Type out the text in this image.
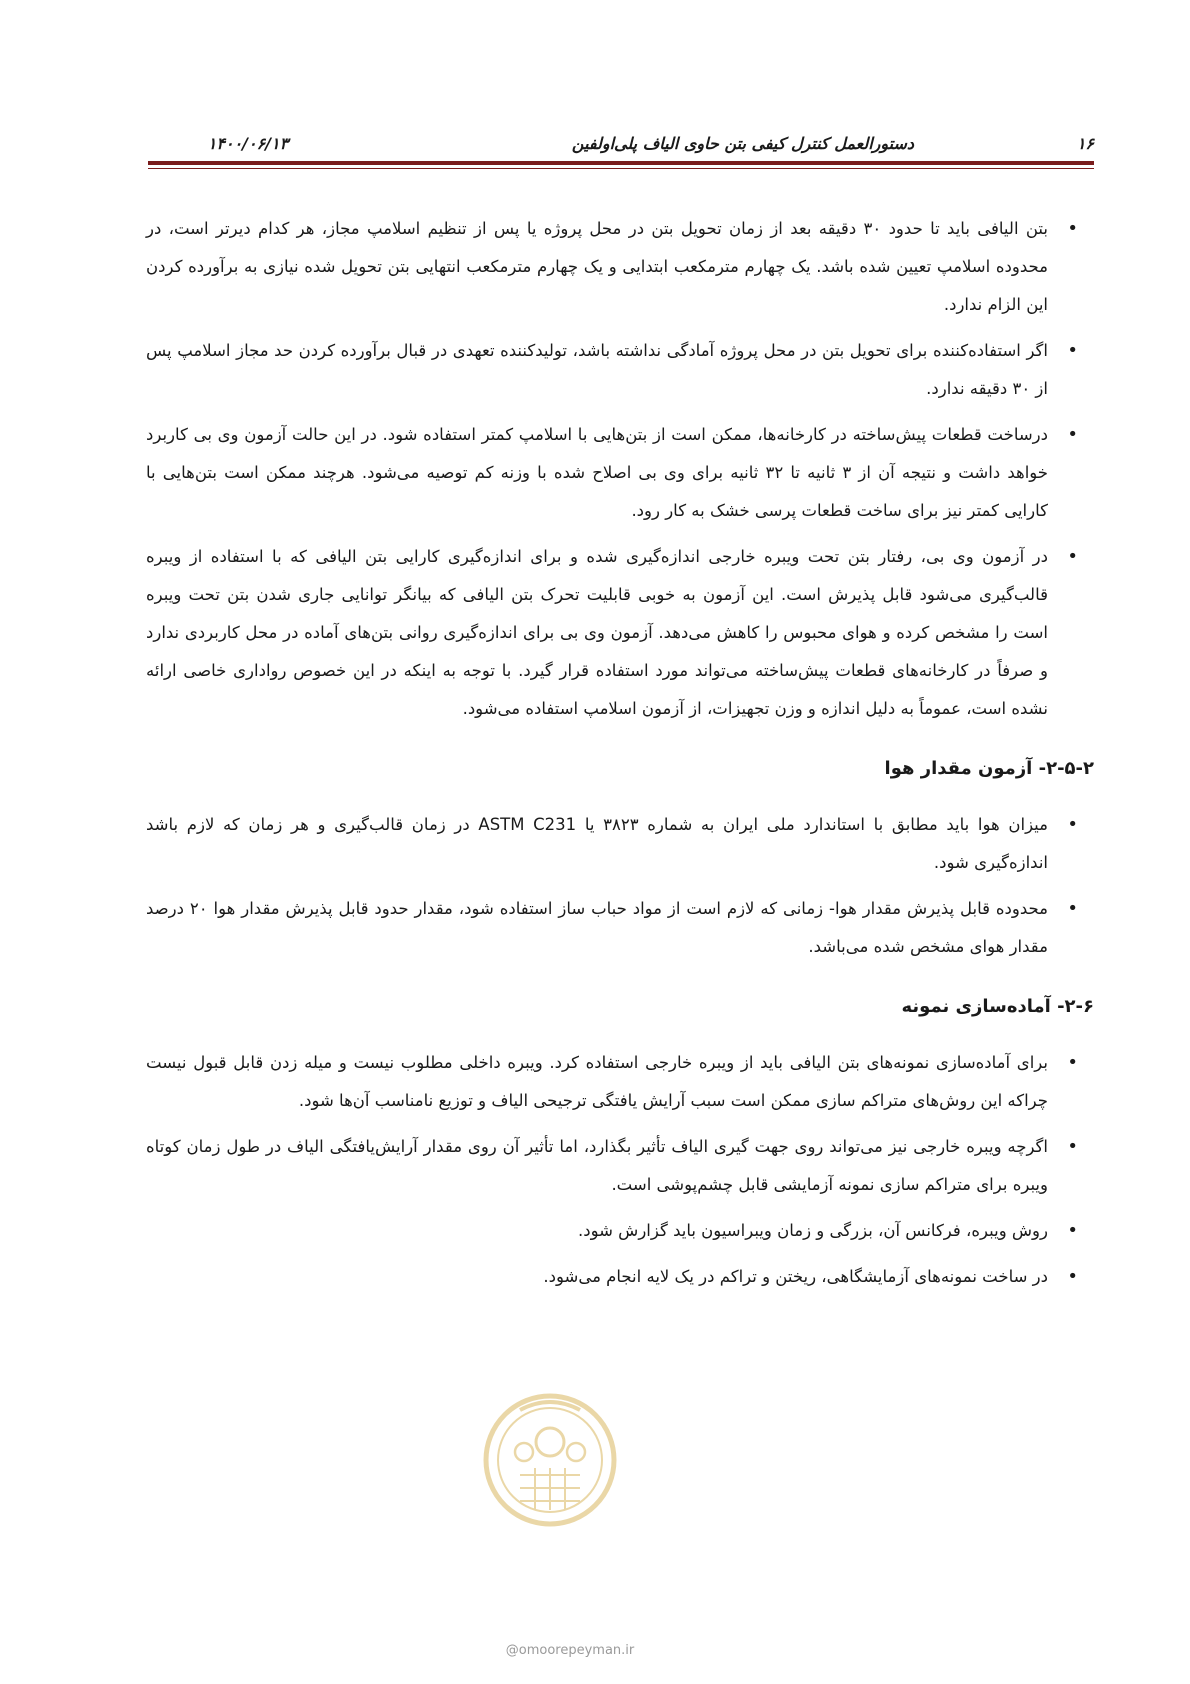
۱۶
دستورالعمل کنترل کیفی بتن حاوی الیاف پلی‌اولفین
۱۴۰۰/۰۶/۱۳
• بتن الیافی باید تا حدود ۳۰ دقیقه بعد از زمان تحویل بتن در محل پروژه یا پس از تنظیم اسلامپ مجاز، هر کدام دیرتر است، در محدوده اسلامپ تعیین شده باشد. یک چهارم مترمکعب ابتدایی و یک چهارم مترمکعب انتهایی بتن تحویل شده نیازی به برآورده کردن این الزام ندارد.
• اگر استفاده‌کننده برای تحویل بتن در محل پروژه آمادگی نداشته باشد، تولیدکننده تعهدی در قبال برآورده کردن حد مجاز اسلامپ پس از ۳۰ دقیقه ندارد.
• درساخت قطعات پیش‌ساخته در کارخانه‌ها، ممکن است از بتن‌هایی با اسلامپ کمتر استفاده شود. در این حالت آزمون وی بی کاربرد خواهد داشت و نتیجه آن از ۳ ثانیه تا ۳۲ ثانیه برای وی بی اصلاح شده با وزنه کم توصیه می‌شود. هرچند ممکن است بتن‌هایی با کارایی کمتر نیز برای ساخت قطعات پرسی خشک به کار رود.
• در آزمون وی بی، رفتار بتن تحت ویبره خارجی اندازه‌گیری شده و برای اندازه‌گیری کارایی بتن الیافی که با استفاده از ویبره قالب‌گیری می‌شود قابل پذیرش است. این آزمون به خوبی قابلیت تحرک بتن الیافی که بیانگر توانایی جاری شدن بتن تحت ویبره است را مشخص کرده و هوای محبوس را کاهش می‌دهد. آزمون وی بی برای اندازه‌گیری روانی بتن‌های آماده در محل کاربردی ندارد و صرفاً در کارخانه‌های قطعات پیش‌ساخته می‌تواند مورد استفاده قرار گیرد. با توجه به اینکه در این خصوص رواداری خاصی ارائه نشده است، عموماً به دلیل اندازه و وزن تجهیزات، از آزمون اسلامپ استفاده می‌شود.
۲-۵-۲- آزمون مقدار هوا
• میزان هوا باید مطابق با استاندارد ملی ایران به شماره ۳۸۲۳ یا ASTM C231 در زمان قالب‌گیری و هر زمان که لازم باشد اندازه‌گیری شود.
• محدوده قابل پذیرش مقدار هوا- زمانی که لازم است از مواد حباب ساز استفاده شود، مقدار حدود قابل پذیرش مقدار هوا ۲۰ درصد مقدار هوای مشخص شده می‌باشد.
۲-۶- آماده‌سازی نمونه
• برای آماده‌سازی نمونه‌های بتن الیافی باید از ویبره خارجی استفاده کرد. ویبره داخلی مطلوب نیست و میله زدن قابل قبول نیست چراکه این روش‌های متراکم سازی ممکن است سبب آرایش یافتگی ترجیحی الیاف و توزیع نامناسب آن‌ها شود.
• اگرچه ویبره خارجی نیز می‌تواند روی جهت گیری الیاف تأثیر بگذارد، اما تأثیر آن روی مقدار آرایش‌یافتگی الیاف در طول زمان کوتاه ویبره برای متراکم سازی نمونه آزمایشی قابل چشم‌پوشی است.
• روش ویبره، فرکانس آن، بزرگی و زمان ویبراسیون باید گزارش شود.
• در ساخت نمونه‌های آزمایشگاهی، ریختن و تراکم در یک لایه انجام می‌شود.
@omoorepeyman.ir
